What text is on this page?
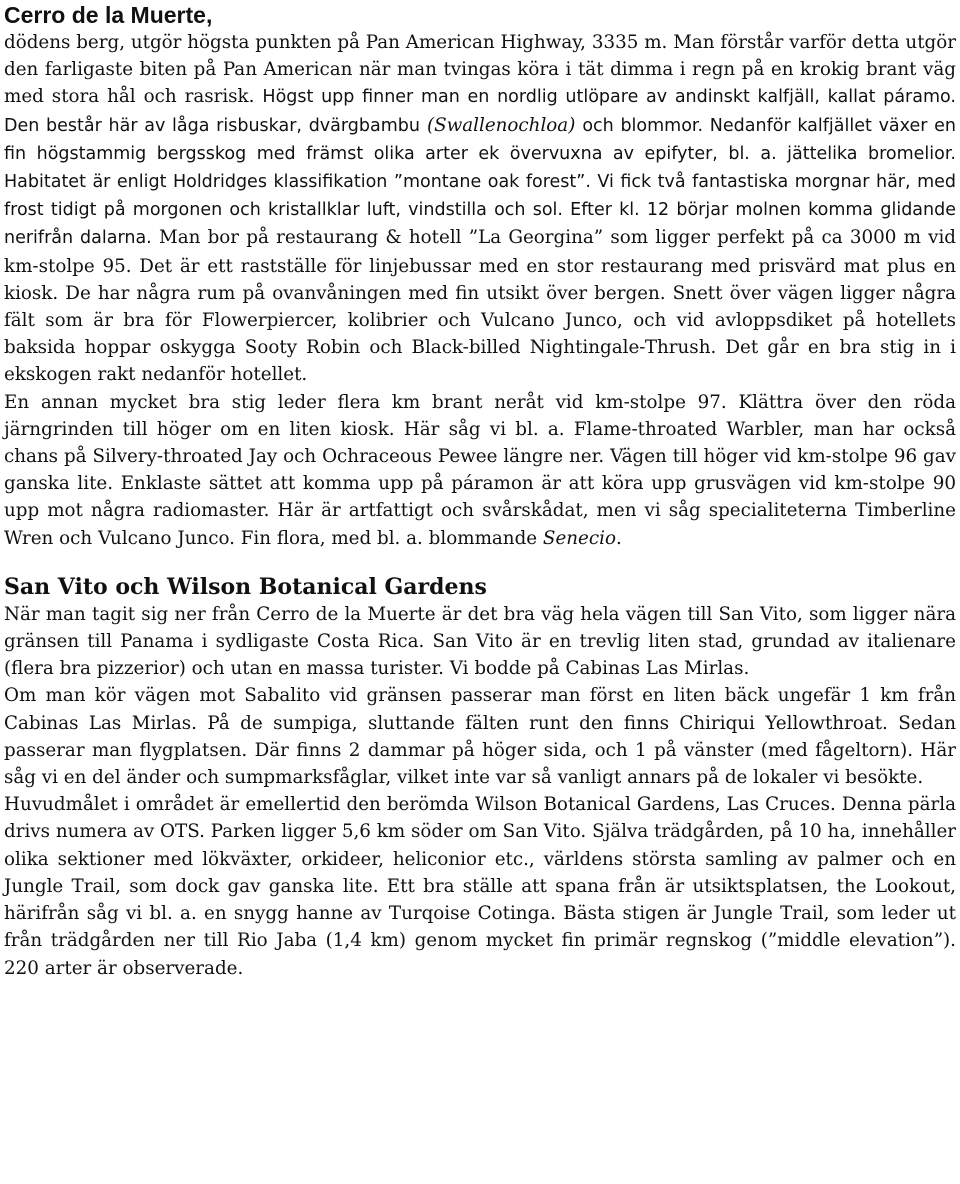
Cerro de la Muerte,

dödens berg, utgör högsta punkten på Pan American Highway, 3335 m. Man förstår varför detta utgör den farligaste biten på Pan American när man tvingas köra i tät dimma i regn på en krokig brant väg med stora hål och rasrisk. Högst upp finner man en nordlig utlöpare av andinskt kalfjäll, kallat páramo. Den består här av låga risbuskar, dvärgbambu (Swallenochloa) och blommor. Nedanför kalfjället växer en fin högstammig bergsskog med främst olika arter ek övervuxna av epifyter, bl. a. jättelika bromelior. Habitatet är enligt Holdridges klassifikation ”montane oak forest”. Vi fick två fantastiska morgnar här, med frost tidigt på morgonen och kristallklar luft, vindstilla och sol. Efter kl. 12 börjar molnen komma glidande nerifrån dalarna. Man bor på restaurang & hotell ”La Georgina” som ligger perfekt på ca 3000 m vid km-stolpe 95. Det är ett rastställe för linjebussar med en stor restaurang med prisvärd mat plus en kiosk. De har några rum på ovanvåningen med fin utsikt över bergen. Snett över vägen ligger några fält som är bra för Flowerpiercer, kolibrier och Vulcano Junco, och vid avloppsdiket på hotellets baksida hoppar oskygga Sooty Robin och Black-billed Nightingale-Thrush. Det går en bra stig in i ekskogen rakt nedanför hotellet.
En annan mycket bra stig leder flera km brant neråt vid km-stolpe 97. Klättra över den röda järngrinden till höger om en liten kiosk. Här såg vi bl. a. Flame-throated Warbler, man har också chans på Silvery-throated Jay och Ochraceous Pewee längre ner. Vägen till höger vid km-stolpe 96 gav ganska lite. Enklaste sättet att komma upp på páramon är att köra upp grusvägen vid km-stolpe 90 upp mot några radiomaster. Här är artfattigt och svårskådat, men vi såg specialiteterna Timberline Wren och Vulcano Junco. Fin flora, med bl. a. blommande Senecio.

San Vito och Wilson Botanical Gardens

När man tagit sig ner från Cerro de la Muerte är det bra väg hela vägen till San Vito, som ligger nära gränsen till Panama i sydligaste Costa Rica. San Vito är en trevlig liten stad, grundad av italienare (flera bra pizzerior) och utan en massa turister. Vi bodde på Cabinas Las Mirlas.

Om man kör vägen mot Sabalito vid gränsen passerar man först en liten bäck ungefär 1 km från Cabinas Las Mirlas. På de sumpiga, sluttande fälten runt den finns Chiriqui Yellowthroat. Sedan passerar man flygplatsen. Där finns 2 dammar på höger sida, och 1 på vänster (med fågeltorn). Här såg vi en del änder och sumpmarksfåglar, vilket inte var så vanligt annars på de lokaler vi besökte.

Huvudmålet i området är emellertid den berömda Wilson Botanical Gardens, Las Cruces. Denna pärla drivs numera av OTS. Parken ligger 5,6 km söder om San Vito. Själva trädgården, på 10 ha, innehåller olika sektioner med lökväxter, orkideer, heliconior etc., världens största samling av palmer och en Jungle Trail, som dock gav ganska lite. Ett bra ställe att spana från är utsiktsplatsen, the Lookout, härifrån såg vi bl. a. en snygg hanne av Turqoise Cotinga. Bästa stigen är Jungle Trail, som leder ut från trädgården ner till Rio Jaba (1,4 km) genom mycket fin primär regnskog (”middle elevation”). 220 arter är observerade.
